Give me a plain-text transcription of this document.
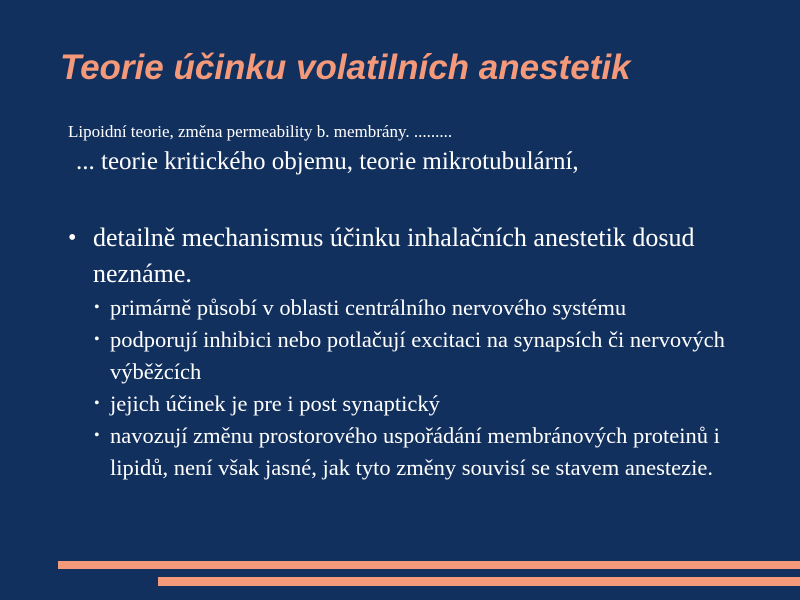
Teorie účinku volatilních anestetik
Lipoidní teorie, změna permeability b. membrány. .........
... teorie kritického objemu, teorie mikrotubulární,
• detailně mechanismus účinku inhalačních anestetik dosud neznáme.
• primárně působí v oblasti centrálního nervového systému
• podporují inhibici nebo potlačují excitaci na synapsích či nervových výběžcích
• jejich účinek je pre i post synaptický
• navozují změnu prostorového uspořádání membránových proteinů i lipidů, není však jasné, jak tyto změny souvisí se stavem anestezie.
